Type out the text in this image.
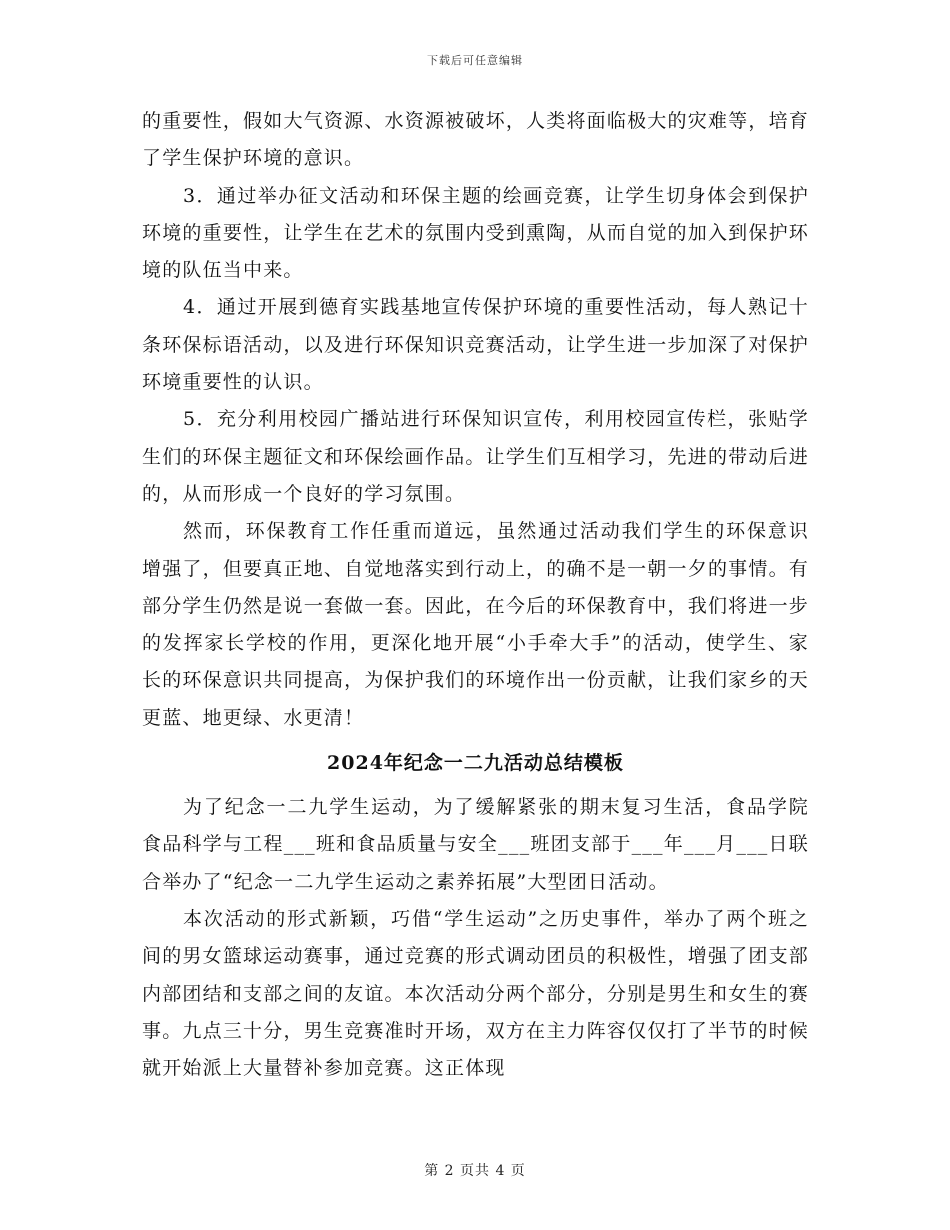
下载后可任意编辑

的重要性，假如大气资源、水资源被破坏，人类将面临极大的灾难等，培育了学生保护环境的意识。

3．通过举办征文活动和环保主题的绘画竞赛，让学生切身体会到保护环境的重要性，让学生在艺术的氛围内受到熏陶，从而自觉的加入到保护环境的队伍当中来。

4．通过开展到德育实践基地宣传保护环境的重要性活动，每人熟记十条环保标语活动，以及进行环保知识竞赛活动，让学生进一步加深了对保护环境重要性的认识。

5．充分利用校园广播站进行环保知识宣传，利用校园宣传栏，张贴学生们的环保主题征文和环保绘画作品。让学生们互相学习，先进的带动后进的，从而形成一个良好的学习氛围。

然而，环保教育工作任重而道远，虽然通过活动我们学生的环保意识增强了，但要真正地、自觉地落实到行动上，的确不是一朝一夕的事情。有部分学生仍然是说一套做一套。因此，在今后的环保教育中，我们将进一步的发挥家长学校的作用，更深化地开展“小手牵大手”的活动，使学生、家长的环保意识共同提高，为保护我们的环境作出一份贡献，让我们家乡的天更蓝、地更绿、水更清！

2024年纪念一二九活动总结模板

为了纪念一二九学生运动，为了缓解紧张的期末复习生活，食品学院食品科学与工程___班和食品质量与安全___班团支部于___年___月___日联合举办了“纪念一二九学生运动之素养拓展”大型团日活动。

本次活动的形式新颖，巧借“学生运动”之历史事件，举办了两个班之间的男女篮球运动赛事，通过竞赛的形式调动团员的积极性，增强了团支部内部团结和支部之间的友谊。本次活动分两个部分，分别是男生和女生的赛事。九点三十分，男生竞赛准时开场，双方在主力阵容仅仅打了半节的时候就开始派上大量替补参加竞赛。这正体现

第 2 页共 4 页
